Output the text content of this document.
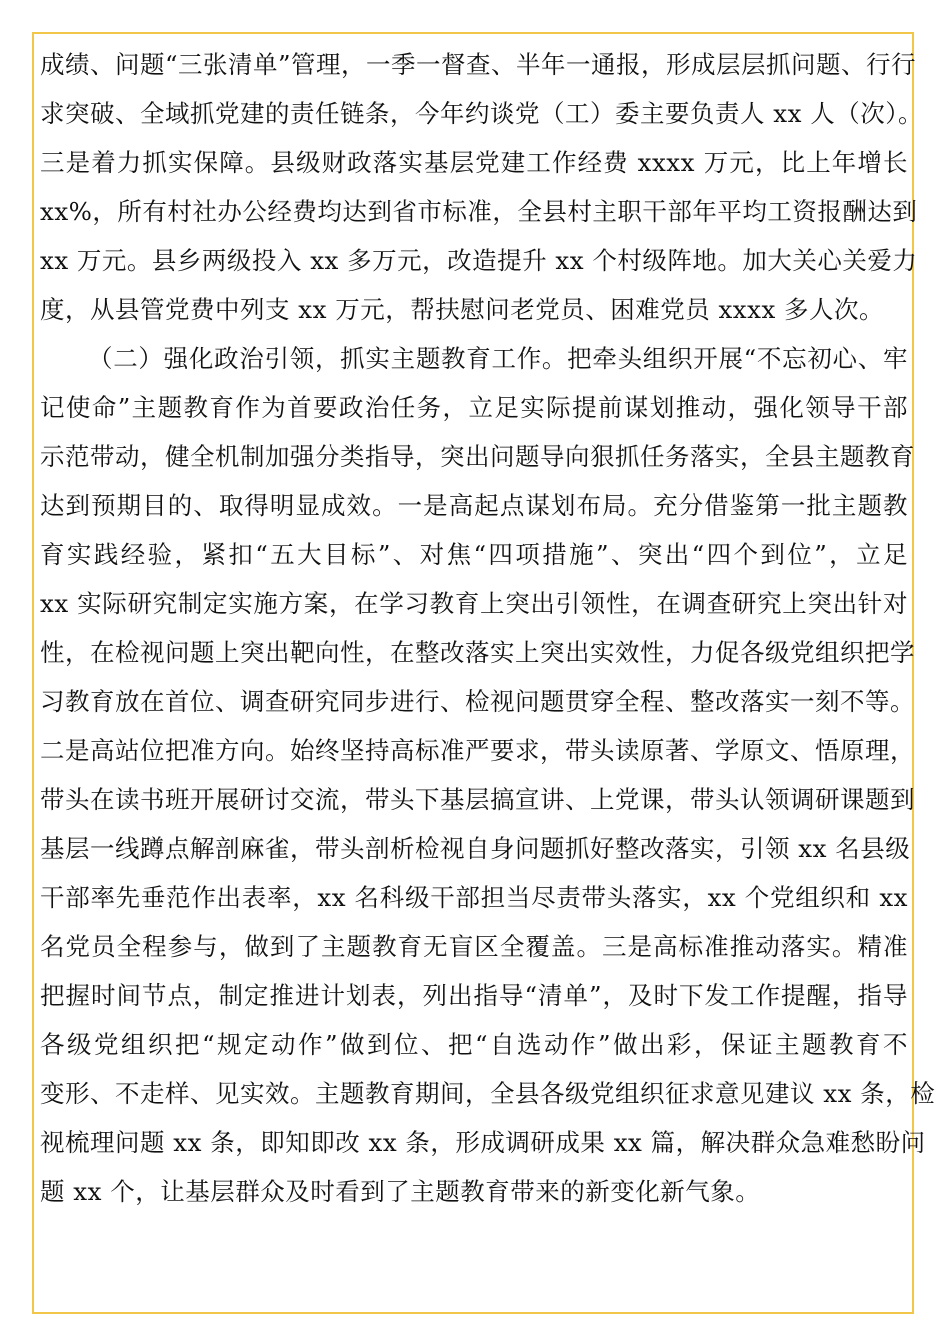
成绩、问题“三张清单”管理，一季一督查、半年一通报，形成层层抓问题、行行
求突破、全域抓党建的责任链条，今年约谈党（工）委主要负责人 xx 人（次）。
三是着力抓实保障。县级财政落实基层党建工作经费 xxxx 万元，比上年增长
xx%，所有村社办公经费均达到省市标准，全县村主职干部年平均工资报酬达到
xx 万元。县乡两级投入 xx 多万元，改造提升 xx 个村级阵地。加大关心关爱力
度，从县管党费中列支 xx 万元，帮扶慰问老党员、困难党员 xxxx 多人次。
（二）强化政治引领，抓实主题教育工作。把牵头组织开展“不忘初心、牢
记使命”主题教育作为首要政治任务，立足实际提前谋划推动，强化领导干部
示范带动，健全机制加强分类指导，突出问题导向狠抓任务落实，全县主题教育
达到预期目的、取得明显成效。一是高起点谋划布局。充分借鉴第一批主题教
育实践经验，紧扣“五大目标”、对焦“四项措施”、突出“四个到位”，立足
xx 实际研究制定实施方案，在学习教育上突出引领性，在调查研究上突出针对
性，在检视问题上突出靶向性，在整改落实上突出实效性，力促各级党组织把学
习教育放在首位、调查研究同步进行、检视问题贯穿全程、整改落实一刻不等。
二是高站位把准方向。始终坚持高标准严要求，带头读原著、学原文、悟原理，
带头在读书班开展研讨交流，带头下基层搞宣讲、上党课，带头认领调研课题到
基层一线蹲点解剖麻雀，带头剖析检视自身问题抓好整改落实，引领 xx 名县级
干部率先垂范作出表率，xx 名科级干部担当尽责带头落实，xx 个党组织和 xx
名党员全程参与，做到了主题教育无盲区全覆盖。三是高标准推动落实。精准
把握时间节点，制定推进计划表，列出指导“清单”，及时下发工作提醒，指导
各级党组织把“规定动作”做到位、把“自选动作”做出彩，保证主题教育不
变形、不走样、见实效。主题教育期间，全县各级党组织征求意见建议 xx 条，检
视梳理问题 xx 条，即知即改 xx 条，形成调研成果 xx 篇，解决群众急难愁盼问
题 xx 个，让基层群众及时看到了主题教育带来的新变化新气象。
